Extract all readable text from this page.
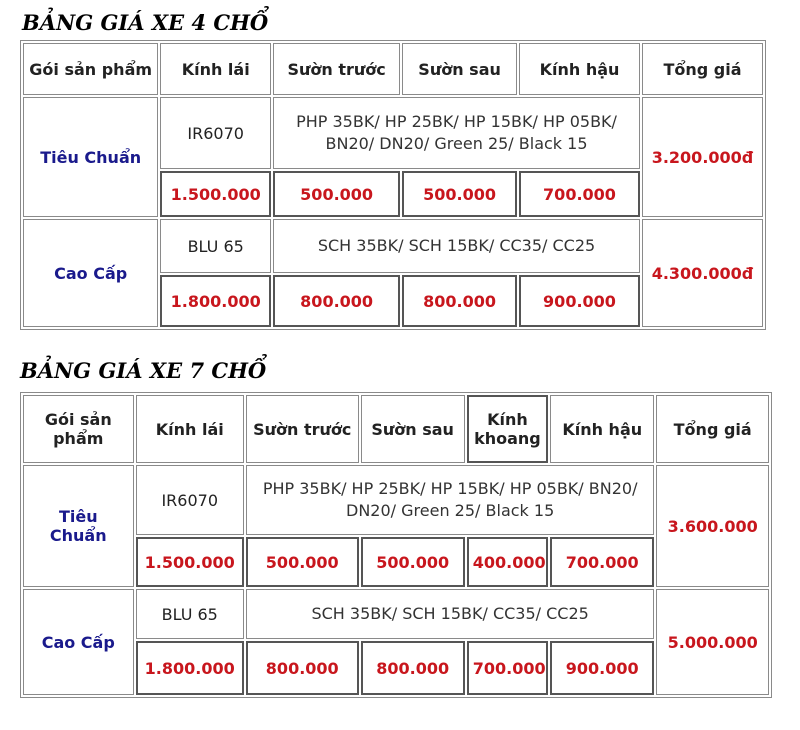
BẢNG GIÁ XE 4 CHỔ
Gói sản phẩm	Kính lái	Sườn trước	Sườn sau	Kính hậu	Tổng giá
Tiêu Chuẩn	IR6070	PHP 35BK/ HP 25BK/ HP 15BK/ HP 05BK/ BN20/ DN20/ Green 25/ Black 15			3.200.000đ
	1.500.000	500.000	500.000	700.000	
Cao Cấp	BLU 65	SCH 35BK/ SCH 15BK/ CC35/ CC25			4.300.000đ
	1.800.000	800.000	800.000	900.000	
BẢNG GIÁ XE 7 CHỔ
Gói sản phẩm	Kính lái	Sườn trước	Sườn sau	Kính khoang	Kính hậu	Tổng giá
Tiêu Chuẩn	IR6070	PHP 35BK/ HP 25BK/ HP 15BK/ HP 05BK/ BN20/ DN20/ Green 25/ Black 15				3.600.000
	1.500.000	500.000	500.000	400.000	700.000	
Cao Cấp	BLU 65	SCH 35BK/ SCH 15BK/ CC35/ CC25				5.000.000
	1.800.000	800.000	800.000	700.000	900.000	
